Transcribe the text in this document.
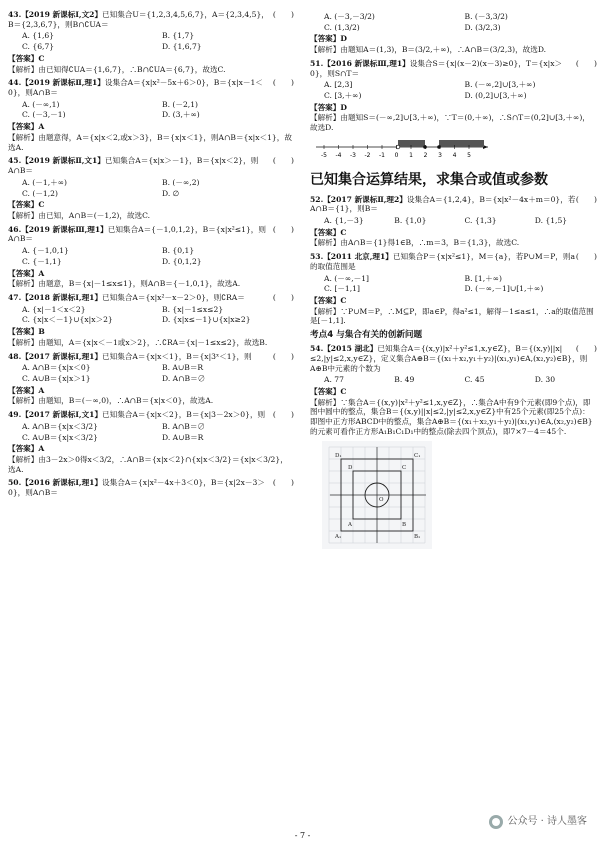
(　　)
43.【2019 新课标Ⅰ,文2】已知集合U＝{1,2,3,4,5,6,7}，A＝{2,3,4,5}，B＝{2,3,6,7}，则B∩∁UA＝
A. {1,6}	B. {1,7}
C. {6,7}	D. {1,6,7}
【答案】C
【解析】由已知得∁UA＝{1,6,7}，∴B∩∁UA＝{6,7}，故选C.
(　　)
44.【2019 新课标Ⅱ,理1】设集合A＝{x|x²－5x＋6＞0}，B＝{x|x－1＜0}，则A∩B＝
A. (－∞,1)	B. (－2,1)
C. (－3,－1)	D. (3,＋∞)
【答案】A
【解析】由题意得，A＝{x|x＜2,或x＞3}，B＝{x|x＜1}，则A∩B＝{x|x＜1}，故选A.
(　　)
45.【2019 新课标Ⅱ,文1】已知集合A＝{x|x＞－1}，B＝{x|x＜2}，则A∩B＝
A. (－1,＋∞)	B. (－∞,2)
C. (－1,2)	D. ∅
【答案】C
【解析】由已知，A∩B＝(－1,2)，故选C.
(　　)
46.【2019 新课标Ⅲ,理1】已知集合A＝{－1,0,1,2}，B＝{x|x²≤1}，则A∩B＝
A. {－1,0,1}	B. {0,1}
C. {－1,1}	D. {0,1,2}
【答案】A
【解析】由题意，B＝{x|－1≤x≤1}，则A∩B＝{－1,0,1}，故选A.
(　　)
47.【2018 新课标Ⅰ,理1】已知集合A＝{x|x²－x－2＞0}，则∁RA＝
A. {x|－1＜x＜2}	B. {x|－1≤x≤2}
C. {x|x＜－1}∪{x|x＞2}	D. {x|x≤－1}∪{x|x≥2}
【答案】B
【解析】由题知，A＝{x|x＜－1或x＞2}，∴∁RA＝{x|－1≤x≤2}，故选B.
(　　)
48.【2017 新课标Ⅰ,理1】已知集合A＝{x|x＜1}，B＝{x|3ˣ＜1}，则
A. A∩B＝{x|x＜0}	B. A∪B＝R
C. A∪B＝{x|x＞1}	D. A∩B＝∅
【答案】A
【解析】由题知，B＝(－∞,0)，∴A∩B＝{x|x＜0}，故选A.
(　　)
49.【2017 新课标Ⅰ,文1】已知集合A＝{x|x＜2}，B＝{x|3－2x＞0}，则
A. A∩B＝{x|x＜3/2}	B. A∩B＝∅
C. A∪B＝{x|x＜3/2}	D. A∪B＝R
【答案】A
【解析】由3－2x＞0得x＜3/2，∴A∩B＝{x|x＜2}∩{x|x＜3/2}＝{x|x＜3/2}，选A.
(　　)
50.【2016 新课标Ⅰ,理1】设集合A＝{x|x²－4x＋3＜0}，B＝{x|2x－3＞0}，则A∩B＝
A. (－3,－3/2)	B. (－3,3/2)
C. (1,3/2)	D. (3/2,3)
【答案】D
【解析】由题知A＝(1,3)，B＝(3/2,＋∞)，∴A∩B＝(3/2,3)，故选D.
(　　)
51.【2016 新课标Ⅲ,理1】设集合S＝{x|(x－2)(x－3)≥0}，T＝{x|x＞0}，则S∩T＝
A. [2,3]	B. (－∞,2]∪[3,＋∞)
C. [3,＋∞)	D. (0,2]∪[3,＋∞)
【答案】D
【解析】由题知S＝(－∞,2]∪[3,＋∞)，∵T＝(0,＋∞)，∴S∩T＝(0,2]∪[3,＋∞)，故选D.
-5 -4 -3 -2 -1 0 1 2 3 4 5
已知集合运算结果，求集合或值或参数
(　　)
52.【2017 新课标Ⅱ,理2】设集合A＝{1,2,4}，B＝{x|x²－4x＋m＝0}，若A∩B＝{1}，则B＝
A. {1,－3}	B. {1,0}	C. {1,3}	D. {1,5}
【答案】C
【解析】由A∩B＝{1}得1∈B，∴m＝3，B＝{1,3}，故选C.
(　　)
53.【2011 北京,理1】已知集合P＝{x|x²≤1}，M＝{a}，若P∪M＝P，则a的取值范围是
A. (－∞,－1]	B. [1,＋∞)
C. [－1,1]	D. (－∞,－1]∪[1,＋∞)
【答案】C
【解析】∵P∪M＝P，∴M⊆P，即a∈P，得a²≤1，解得－1≤a≤1，∴a的取值范围是[－1,1].
考点4 与集合有关的创新问题
(　　)
54.【2015 湖北】已知集合A＝{(x,y)|x²＋y²≤1,x,y∈Z}，B＝{(x,y)||x|≤2,|y|≤2,x,y∈Z}，定义集合A⊕B＝{(x₁＋x₂,y₁＋y₂)|(x₁,y₁)∈A,(x₂,y₂)∈B}，则A⊕B中元素的个数为
A. 77	B. 49	C. 45	D. 30
【答案】C
【解析】∵集合A＝{(x,y)|x²＋y²≤1,x,y∈Z}，∴集合A中有9个元素(即9个点)，即图中圆中的整点，集合B＝{(x,y)||x|≤2,|y|≤2,x,y∈Z}中有25个元素(即25个点)：即图中正方形ABCD中的整点，集合A⊕B＝{(x₁＋x₂,y₁＋y₂)|(x₁,y₁)∈A,(x₂,y₂)∈B}的元素可看作正方形A₁B₁C₁D₁中的整点(除去四个顶点)，即7×7－4＝45个.
D₁	C₁
A₁	B₁
D	C
A	B
O
- 7 -
公众号 · 诗人墨客
